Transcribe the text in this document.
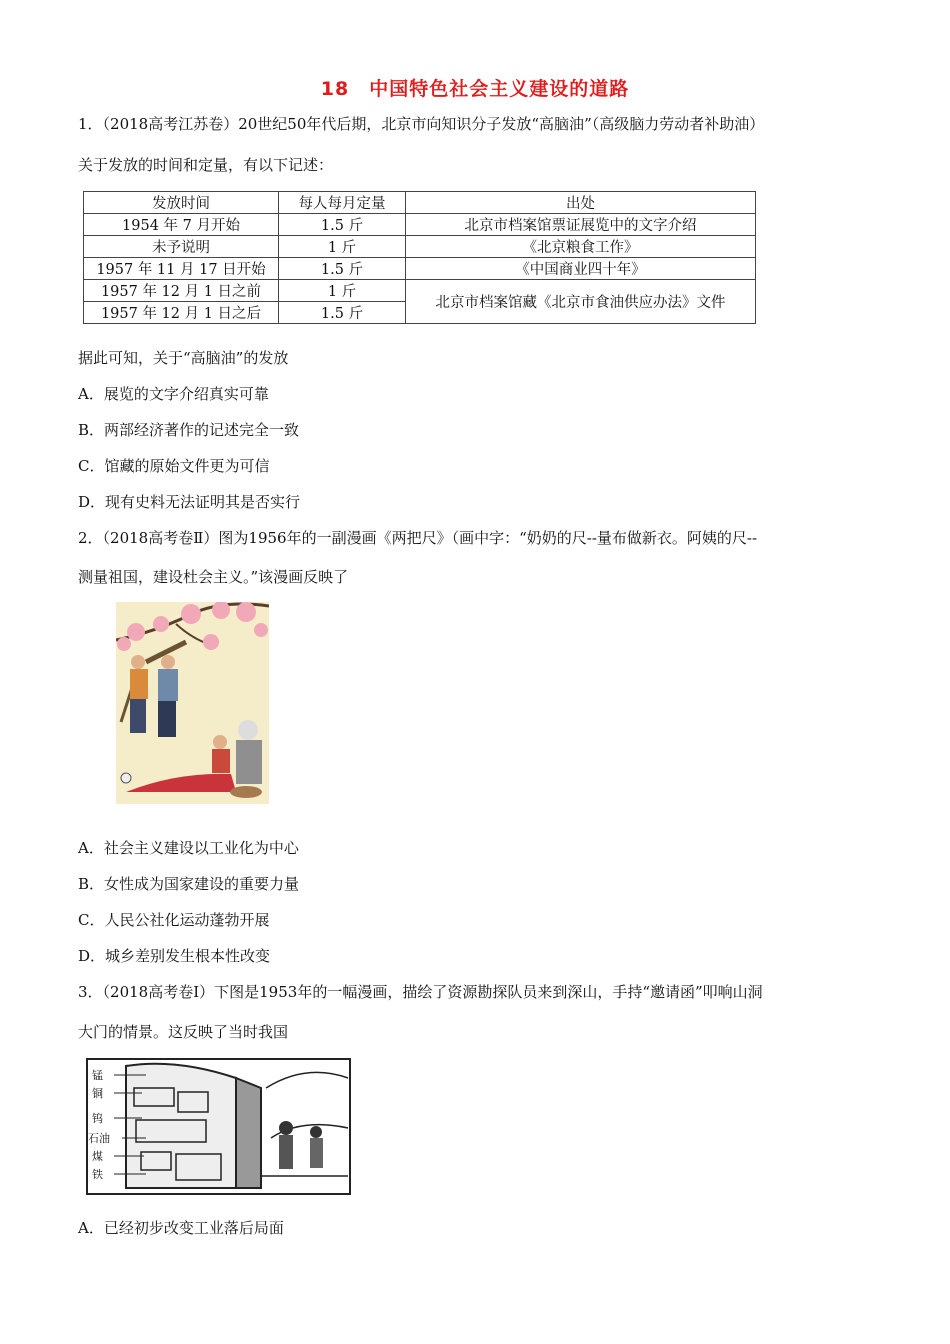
18　中国特色社会主义建设的道路
1．（2018高考江苏卷）20世纪50年代后期，北京市向知识分子发放“高脑油”（高级脑力劳动者补助油）
关于发放的时间和定量，有以下记述：
发放时间	每人每月定量	出处
1954 年 7 月开始	1.5 斤	北京市档案馆票证展览中的文字介绍
未予说明	1 斤	《北京粮食工作》
1957 年 11 月 17 日开始	1.5 斤	《中国商业四十年》
1957 年 12 月 1 日之前	1 斤	北京市档案馆藏《北京市食油供应办法》文件
1957 年 12 月 1 日之后	1.5 斤	
据此可知，关于“高脑油”的发放
A．展览的文字介绍真实可靠
B．两部经济著作的记述完全一致
C．馆藏的原始文件更为可信
D．现有史料无法证明其是否实行
2．（2018高考卷Ⅱ）图为1956年的一副漫画《两把尺》（画中字：“奶奶的尺--量布做新衣。阿姨的尺--
测量祖国，建设杜会主义。”该漫画反映了
A．社会主义建设以工业化为中心
B．女性成为国家建设的重要力量
C．人民公社化运动蓬勃开展
D．城乡差别发生根本性改变
3．（2018高考卷Ⅰ）下图是1953年的一幅漫画，描绘了资源勘探队员来到深山，手持“邀请函”叩响山洞
大门的情景。这反映了当时我国
锰
铜
钨
石油
煤
铁
A．已经初步改变工业落后局面
